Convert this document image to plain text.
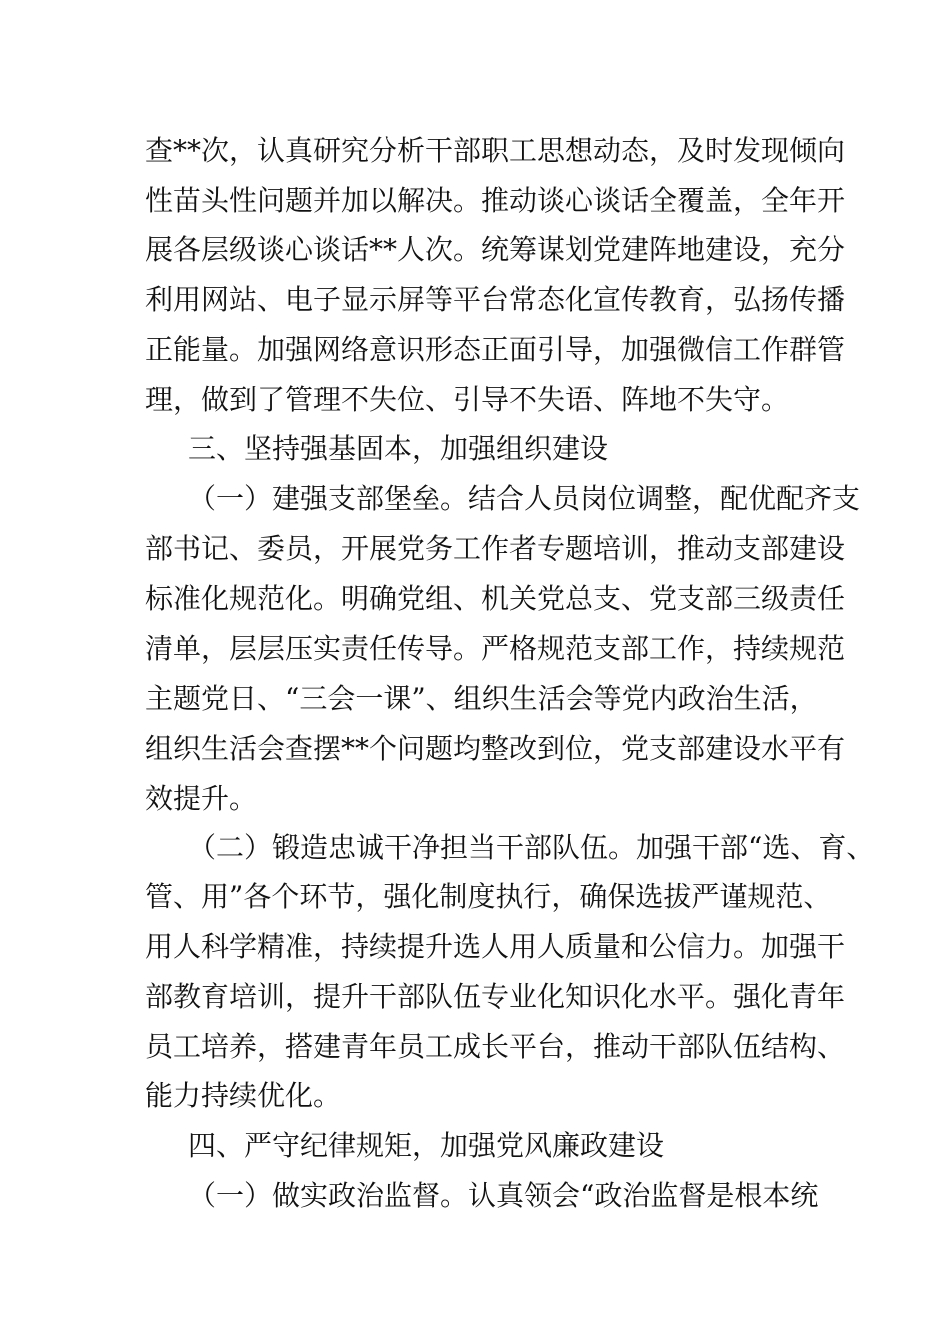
查**次，认真研究分析干部职工思想动态，及时发现倾向
性苗头性问题并加以解决。推动谈心谈话全覆盖，全年开
展各层级谈心谈话**人次。统筹谋划党建阵地建设，充分
利用网站、电子显示屏等平台常态化宣传教育，弘扬传播
正能量。加强网络意识形态正面引导，加强微信工作群管
理，做到了管理不失位、引导不失语、阵地不失守。
三、坚持强基固本，加强组织建设
（一）建强支部堡垒。结合人员岗位调整，配优配齐支
部书记、委员，开展党务工作者专题培训，推动支部建设
标准化规范化。明确党组、机关党总支、党支部三级责任
清单，层层压实责任传导。严格规范支部工作，持续规范
主题党日、“三会一课”、组织生活会等党内政治生活，
组织生活会查摆**个问题均整改到位，党支部建设水平有
效提升。
（二）锻造忠诚干净担当干部队伍。加强干部“选、育、
管、用”各个环节，强化制度执行，确保选拔严谨规范、
用人科学精准，持续提升选人用人质量和公信力。加强干
部教育培训，提升干部队伍专业化知识化水平。强化青年
员工培养，搭建青年员工成长平台，推动干部队伍结构、
能力持续优化。
四、严守纪律规矩，加强党风廉政建设
（一）做实政治监督。认真领会“政治监督是根本统
